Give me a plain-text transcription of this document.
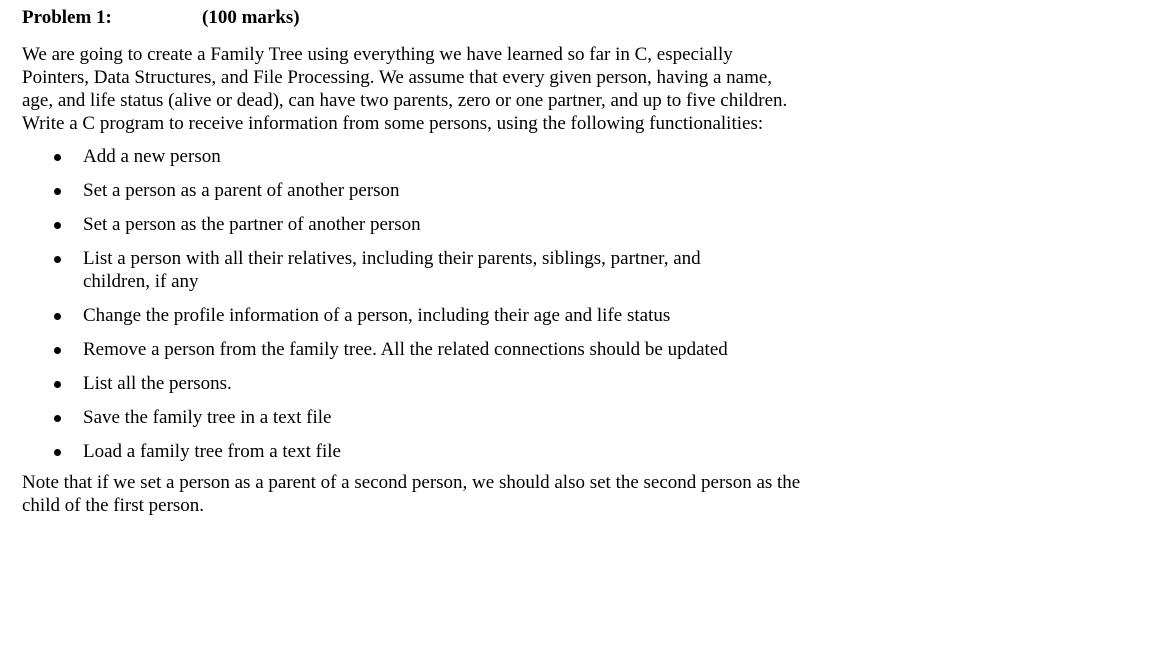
Problem 1:	(100 marks)
We are going to create a Family Tree using everything we have learned so far in C, especially Pointers, Data Structures, and File Processing. We assume that every given person, having a name, age, and life status (alive or dead), can have two parents, zero or one partner, and up to five children. Write a C program to receive information from some persons, using the following functionalities:
Add a new person
Set a person as a parent of another person
Set a person as the partner of another person
List a person with all their relatives, including their parents, siblings, partner, and children, if any
Change the profile information of a person, including their age and life status
Remove a person from the family tree. All the related connections should be updated
List all the persons.
Save the family tree in a text file
Load a family tree from a text file
Note that if we set a person as a parent of a second person, we should also set the second person as the child of the first person.
